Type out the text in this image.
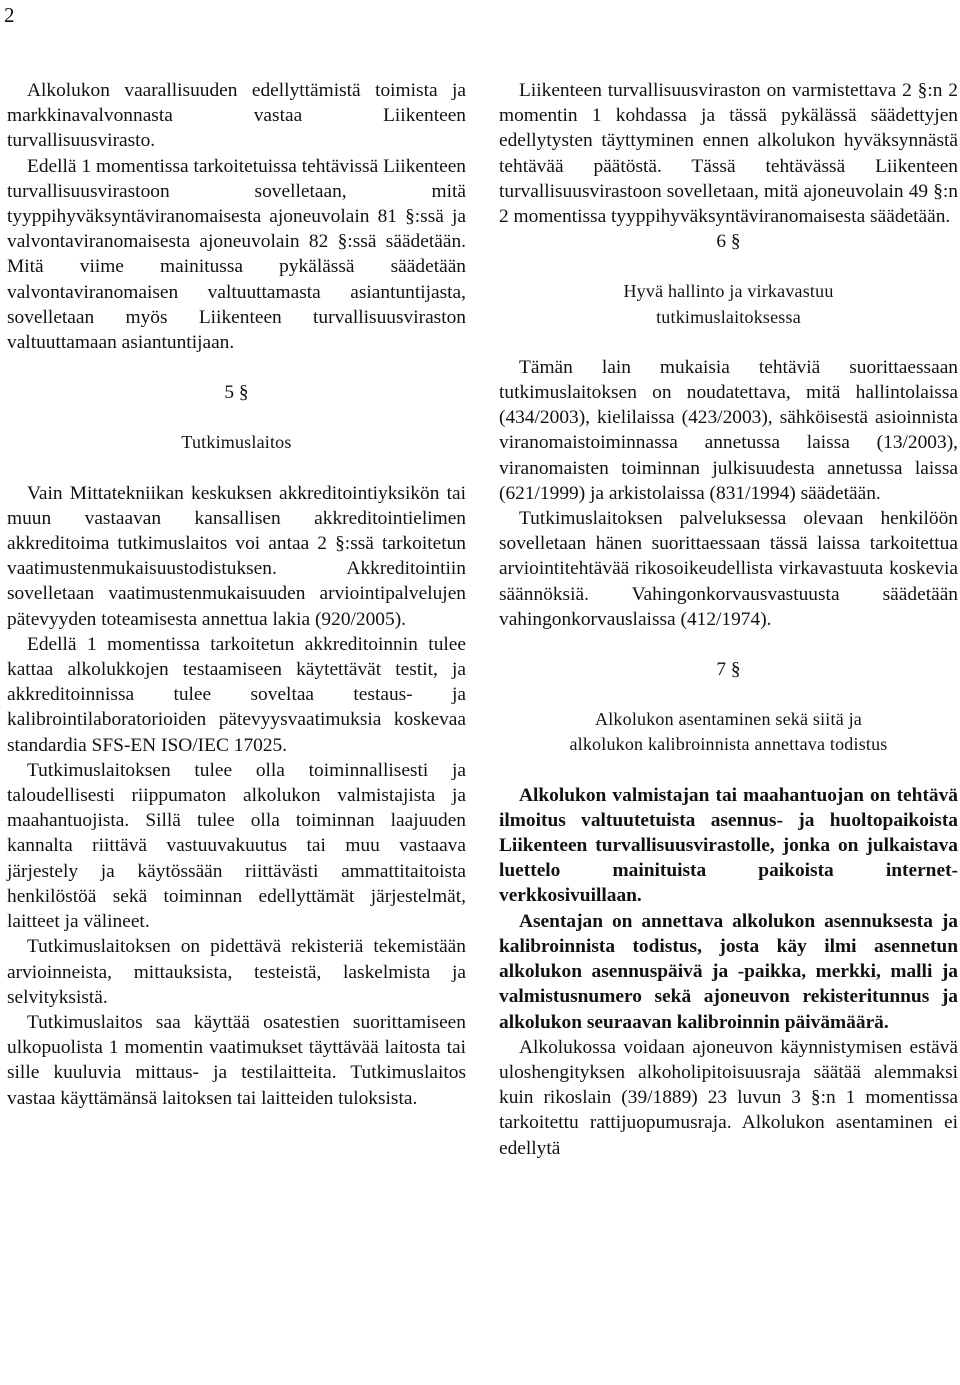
2

Alkolukon vaarallisuuden edellyttämistä toimista ja markkinavalvonnasta vastaa Liikenteen turvallisuusvirasto.

Edellä 1 momentissa tarkoitetuissa tehtävissä Liikenteen turvallisuusvirastoon sovelletaan, mitä tyyppihyväksyntäviranomaisesta ajoneuvolain 81 §:ssä ja valvontaviranomaisesta ajoneuvolain 82 §:ssä säädetään. Mitä viime mainitussa pykälässä säädetään valvontaviranomaisen valtuuttamasta asiantuntijasta, sovelletaan myös Liikenteen turvallisuusviraston valtuuttamaan asiantuntijaan.

5 §

Tutkimuslaitos

Vain Mittatekniikan keskuksen akkreditointiyksikön tai muun vastaavan kansallisen akkreditointielimen akkreditoima tutkimuslaitos voi antaa 2 §:ssä tarkoitetun vaatimustenmukaisuustodistuksen. Akkreditointiin sovelletaan vaatimustenmukaisuuden arviointipalvelujen pätevyyden toteamisesta annettua lakia (920/2005).

Edellä 1 momentissa tarkoitetun akkreditoinnin tulee kattaa alkolukkojen testaamiseen käytettävät testit, ja akkreditoinnissa tulee soveltaa testaus- ja kalibrointilaboratorioiden pätevyysvaatimuksia koskevaa standardia SFS-EN ISO/IEC 17025.

Tutkimuslaitoksen tulee olla toiminnallisesti ja taloudellisesti riippumaton alkolukon valmistajista ja maahantuojista. Sillä tulee olla toiminnan laajuuden kannalta riittävä vastuuvakuutus tai muu vastaava järjestely ja käytössään riittävästi ammattitaitoista henkilöstöä sekä toiminnan edellyttämät järjestelmät, laitteet ja välineet.

Tutkimuslaitoksen on pidettävä rekisteriä tekemistään arvioinneista, mittauksista, testeistä, laskelmista ja selvityksistä.

Tutkimuslaitos saa käyttää osatestien suorittamiseen ulkopuolista 1 momentin vaatimukset täyttävää laitosta tai sille kuuluvia mittaus- ja testilaitteita. Tutkimuslaitos vastaa käyttämänsä laitoksen tai laitteiden tuloksista.

Liikenteen turvallisuusviraston on varmistettava 2 §:n 2 momentin 1 kohdassa ja tässä pykälässä säädettyjen edellytysten täyttyminen ennen alkolukon hyväksynnästä tehtävää päätöstä. Tässä tehtävässä Liikenteen turvallisuusvirastoon sovelletaan, mitä ajoneuvolain 49 §:n 2 momentissa tyyppihyväksyntäviranomaisesta säädetään.

6 §

Hyvä hallinto ja virkavastuu

tutkimuslaitoksessa

Tämän lain mukaisia tehtäviä suorittaessaan tutkimuslaitoksen on noudatettava, mitä hallintolaissa (434/2003), kielilaissa (423/2003), sähköisestä asioinnista viranomaistoiminnassa annetussa laissa (13/2003), viranomaisten toiminnan julkisuudesta annetussa laissa (621/1999) ja arkistolaissa (831/1994) säädetään.

Tutkimuslaitoksen palveluksessa olevaan henkilöön sovelletaan hänen suorittaessaan tässä laissa tarkoitettua arviointitehtävää rikosoikeudellista virkavastuuta koskevia säännöksiä. Vahingonkorvausvastuusta säädetään vahingonkorvauslaissa (412/1974).

7 §

Alkolukon asentaminen sekä siitä ja

alkolukon kalibroinnista annettava todistus

Alkolukon valmistajan tai maahantuojan on tehtävä ilmoitus valtuutetuista asennus- ja huoltopaikoista Liikenteen turvallisuusvirastolle, jonka on julkaistava luettelo mainituista paikoista internet-verkkosivuillaan.

Asentajan on annettava alkolukon asennuksesta ja kalibroinnista todistus, josta käy ilmi asennetun alkolukon asennuspäivä ja -paikka, merkki, malli ja valmistusnumero sekä ajoneuvon rekisteritunnus ja alkolukon seuraavan kalibroinnin päivämäärä.

Alkolukossa voidaan ajoneuvon käynnistymisen estävä uloshengityksen alkoholipitoisuusraja säätää alemmaksi kuin rikoslain (39/1889) 23 luvun 3 §:n 1 momentissa tarkoitettu rattijuopumusraja. Alkolukon asentaminen ei edellytä
